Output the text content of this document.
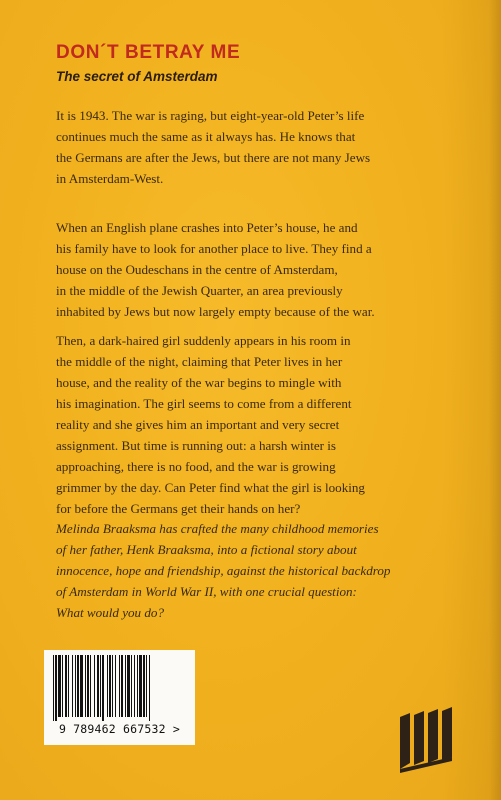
DON´T BETRAY ME
The secret of Amsterdam

It is 1943. The war is raging, but eight-year-old Peter’s life
continues much the same as it always has. He knows that
the Germans are after the Jews, but there are not many Jews
in Amsterdam-West.

When an English plane crashes into Peter’s house, he and
his family have to look for another place to live. They find a
house on the Oudeschans in the centre of Amsterdam,
in the middle of the Jewish Quarter, an area previously
inhabited by Jews but now largely empty because of the war.

Then, a dark-haired girl suddenly appears in his room in
the middle of the night, claiming that Peter lives in her
house, and the reality of the war begins to mingle with
his imagination. The girl seems to come from a different
reality and she gives him an important and very secret
assignment. But time is running out: a harsh winter is
approaching, there is no food, and the war is growing
grimmer by the day. Can Peter find what the girl is looking
for before the Germans get their hands on her?

Melinda Braaksma has crafted the many childhood memories
of her father, Henk Braaksma, into a fictional story about
innocence, hope and friendship, against the historical backdrop
of Amsterdam in World War II, with one crucial question:
What would you do?

9 789462 667532 >
